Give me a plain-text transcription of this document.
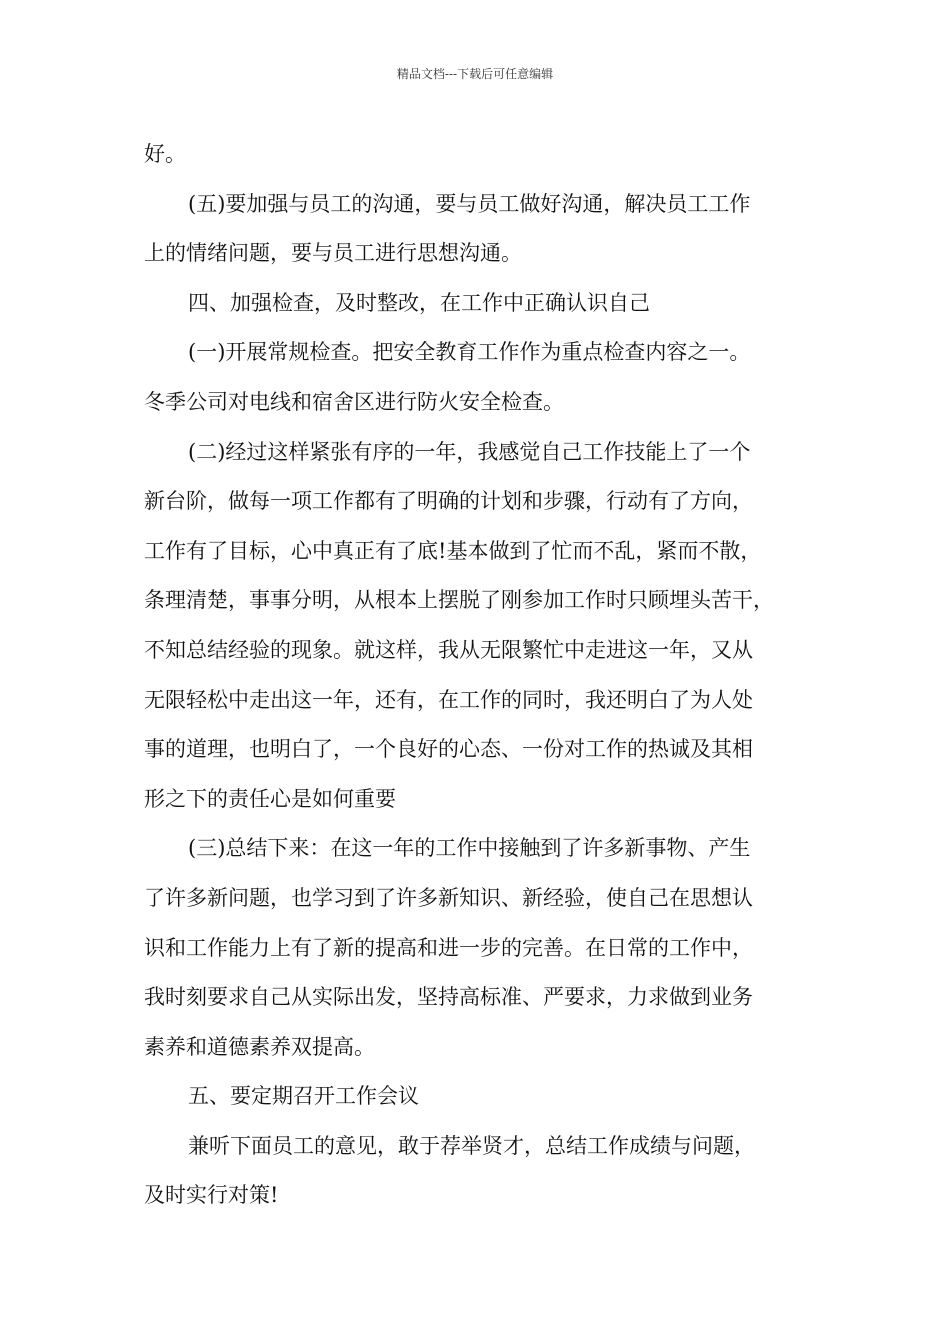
精品文档---下载后可任意编辑
好。
(五)要加强与员工的沟通，要与员工做好沟通，解决员工工作
上的情绪问题，要与员工进行思想沟通。
四、加强检查，及时整改，在工作中正确认识自己
(一)开展常规检查。把安全教育工作作为重点检查内容之一。
冬季公司对电线和宿舍区进行防火安全检查。
(二)经过这样紧张有序的一年，我感觉自己工作技能上了一个
新台阶，做每一项工作都有了明确的计划和步骤，行动有了方向，
工作有了目标，心中真正有了底!基本做到了忙而不乱，紧而不散，
条理清楚，事事分明，从根本上摆脱了刚参加工作时只顾埋头苦干，
不知总结经验的现象。就这样，我从无限繁忙中走进这一年，又从
无限轻松中走出这一年，还有，在工作的同时，我还明白了为人处
事的道理，也明白了，一个良好的心态、一份对工作的热诚及其相
形之下的责任心是如何重要
(三)总结下来：在这一年的工作中接触到了许多新事物、产生
了许多新问题，也学习到了许多新知识、新经验，使自己在思想认
识和工作能力上有了新的提高和进一步的完善。在日常的工作中，
我时刻要求自己从实际出发，坚持高标准、严要求，力求做到业务
素养和道德素养双提高。
五、要定期召开工作会议
兼听下面员工的意见，敢于荐举贤才，总结工作成绩与问题，
及时实行对策!
